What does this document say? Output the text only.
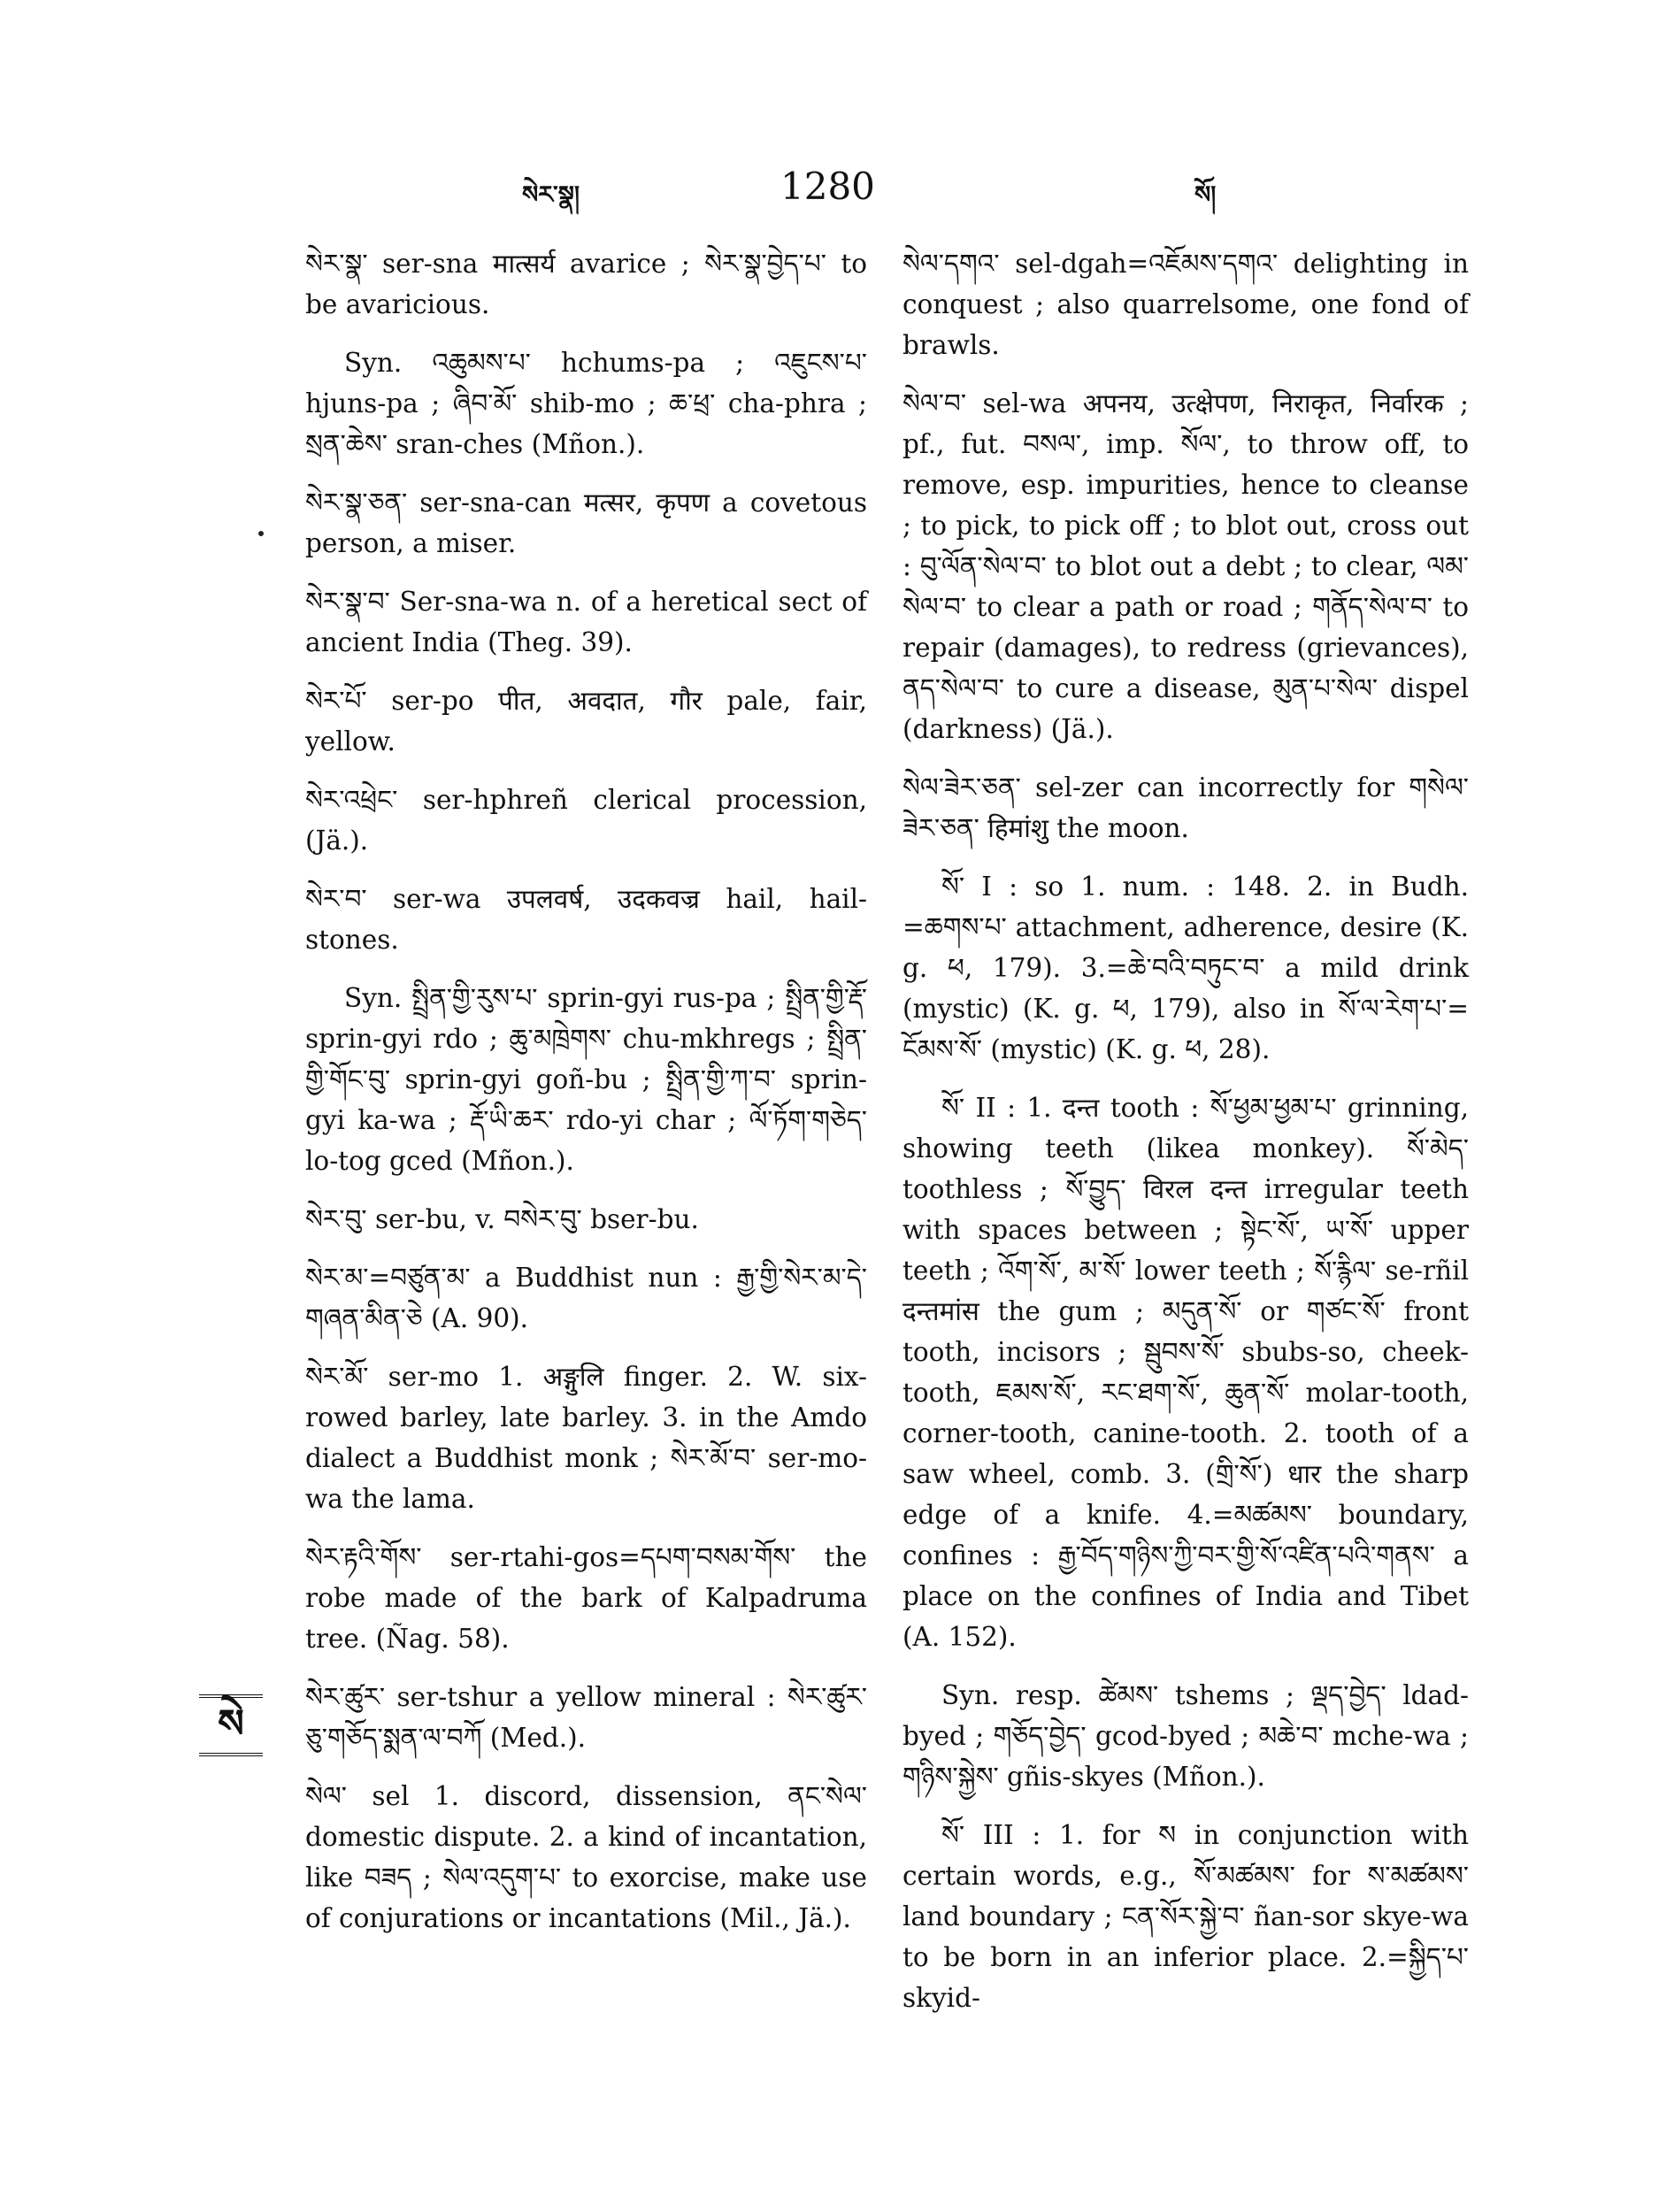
སེར་སྣ།	1280	སོ།
སེ

སེར་སྣ་ ser-sna मात्सर्य avarice ; སེར་སྣ་བྱེད་པ་ to be avaricious.

Syn. འཆུམས་པ་ hchums-pa ; འཇུངས་པ་ hjuns-pa ; ཞིབ་མོ་ shib-mo ; ཆ་ཕྲ་ cha-phra ; སྲན་ཆེས་ sran-ches (Mñon.).

སེར་སྣ་ཅན་ ser-sna-can मत्सर, कृपण a covetous person, a miser.

སེར་སྣ་བ་ Ser-sna-wa n. of a heretical sect of ancient India (Theg. 39).

སེར་པོ་ ser-po पीत, अवदात, गौर pale, fair, yellow.

སེར་འཕྲེང་ ser-hphreñ clerical procession, (Jä.).

སེར་བ་ ser-wa उपलवर्ष, उदकवज्र hail, hail-stones.

Syn. སྤྲིན་གྱི་རུས་པ་ sprin-gyi rus-pa ; སྤྲིན་གྱི་རྡོ་ sprin-gyi rdo ; ཆུ་མཁྲེགས་ chu-mkhregs ; སྤྲིན་གྱི་གོང་བུ་ sprin-gyi goñ-bu ; སྤྲིན་གྱི་ཀ་བ་ sprin-gyi ka-wa ; རྡོ་ཡི་ཆར་ rdo-yi char ; ལོ་ཏོག་གཅེད་ lo-tog gced (Mñon.).

སེར་བུ་ ser-bu, v. བསེར་བུ་ bser-bu.

སེར་མ་=བཙུན་མ་ a Buddhist nun : རྒྱ་གྱི་སེར་མ་དེ་གཞན་མིན་ཅེ (A. 90).

སེར་མོ་ ser-mo 1. अङ्गुलि finger. 2. W. six-rowed barley, late barley. 3. in the Amdo dialect a Buddhist monk ; སེར་མོ་བ་ ser-mo-wa the lama.

སེར་རྟའི་གོས་ ser-rtahi-gos=དཔག་བསམ་གོས་ the robe made of the bark of Kalpadruma tree. (Ñag. 58).

སེར་ཚུར་ ser-tshur a yellow mineral : སེར་ཚུར་ཅུ་གཅོད་སྨན་ལ་བཀོ (Med.).

སེལ་ sel 1. discord, dissension, ནང་སེལ་ domestic dispute. 2. a kind of incantation, like བཟད ; སེལ་འདུག་པ་ to exorcise, make use of conjurations or incantations (Mil., Jä.).

སེལ་དགའ་ sel-dgah=འཇོམས་དགའ་ delighting in conquest ; also quarrelsome, one fond of brawls.

སེལ་བ་ sel-wa अपनय, उत्क्षेपण, निराकृत, निर्वारक ; pf., fut. བསལ་, imp. སོལ་, to throw off, to remove, esp. impurities, hence to cleanse ; to pick, to pick off ; to blot out, cross out : བུ་ལོན་སེལ་བ་ to blot out a debt ; to clear, ལམ་སེལ་བ་ to clear a path or road ; གནོད་སེལ་བ་ to repair (damages), to redress (grievances), ནད་སེལ་བ་ to cure a disease, མུན་པ་སེལ་ dispel (darkness) (Jä.).

སེལ་ཟེར་ཅན་ sel-zer can incorrectly for གསེལ་ཟེར་ཅན་ हिमांशु the moon.

སོ་ I : so 1. num. : 148. 2. in Budh. =ཆགས་པ་ attachment, adherence, desire (K. g. ཕ, 179). 3.=ཆེ་བའི་བཏུང་བ་ a mild drink (mystic) (K. g. ཕ, 179), also in སོ་ལ་རེག་པ་= ངོམས་སོ་ (mystic) (K. g. ཕ, 28).

སོ་ II : 1. दन्त tooth : སོ་ཕྱམ་ཕྱམ་པ་ grinning, showing teeth (likea monkey). སོ་མེད་ toothless ; སོ་བྱུད་ विरल दन्त irregular teeth with spaces between ; སྟེང་སོ་, ཡ་སོ་ upper teeth ; འོག་སོ་, མ་སོ་ lower teeth ; སོ་རྙིལ་ se-rñil दन्तमांस the gum ; མདུན་སོ་ or གཙང་སོ་ front tooth, incisors ; སྦུབས་སོ་ sbubs-so, cheek-tooth, ཇམས་སོ་, རང་ཐག་སོ་, ཆུན་སོ་ molar-tooth, corner-tooth, canine-tooth. 2. tooth of a saw wheel, comb. 3. (གྲི་སོ་) धार the sharp edge of a knife. 4.=མཚམས་ boundary, confines : རྒྱ་བོད་གཉིས་ཀྱི་བར་གྱི་སོ་འཛིན་པའི་གནས་ a place on the confines of India and Tibet (A. 152).

Syn. resp. ཚེམས་ tshems ; ལྡད་བྱེད་ ldad-byed ; གཅོད་བྱེད་ gcod-byed ; མཆེ་བ་ mche-wa ; གཉིས་སྐྱེས་ gñis-skyes (Mñon.).

སོ་ III : 1. for ས in conjunction with certain words, e.g., སོ་མཚམས་ for ས་མཚམས་ land boundary ; ངན་སོར་སྐྱེ་བ་ ñan-sor skye-wa to be born in an inferior place. 2.=སྐྱིད་པ་ skyid-
